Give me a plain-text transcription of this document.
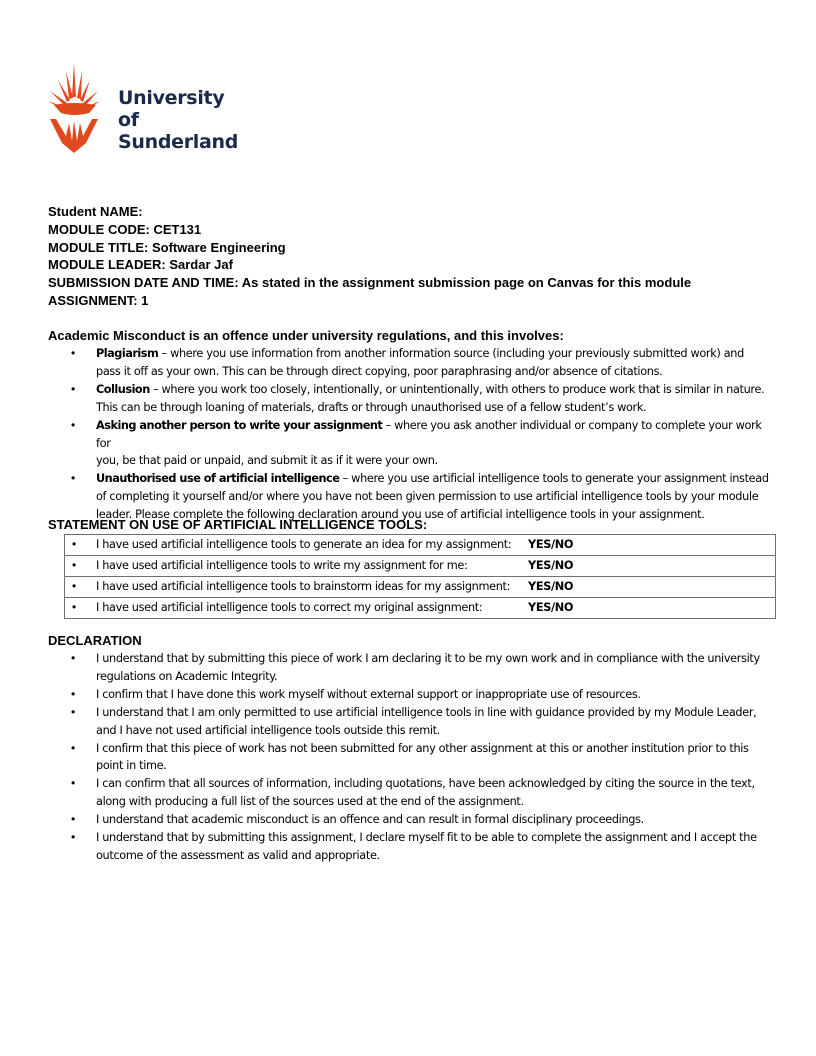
University of
Sunderland
Student NAME:
MODULE CODE: CET131
MODULE TITLE: Software Engineering
MODULE LEADER: Sardar Jaf
SUBMISSION DATE AND TIME: As stated in the assignment submission page on Canvas for this module
ASSIGNMENT: 1
Academic Misconduct is an offence under university regulations, and this involves:
• Plagiarism – where you use information from another information source (including your previously submitted work) and
pass it off as your own. This can be through direct copying, poor paraphrasing and/or absence of citations.
• Collusion – where you work too closely, intentionally, or unintentionally, with others to produce work that is similar in nature.
This can be through loaning of materials, drafts or through unauthorised use of a fellow student’s work.
• Asking another person to write your assignment – where you ask another individual or company to complete your work for
you, be that paid or unpaid, and submit it as if it were your own.
• Unauthorised use of artificial intelligence – where you use artificial intelligence tools to generate your assignment instead
of completing it yourself and/or where you have not been given permission to use artificial intelligence tools by your module
leader. Please complete the following declaration around you use of artificial intelligence tools in your assignment.
STATEMENT ON USE OF ARTIFICIAL INTELLIGENCE TOOLS:
• I have used artificial intelligence tools to generate an idea for my assignment: YES/NO

• I have used artificial intelligence tools to write my assignment for me:	YES/NO

• I have used artificial intelligence tools to brainstorm ideas for my assignment: YES/NO

• I have used artificial intelligence tools to correct my original assignment:	YES/NO
DECLARATION
• I understand that by submitting this piece of work I am declaring it to be my own work and in compliance with the university
regulations on Academic Integrity.
• I confirm that I have done this work myself without external support or inappropriate use of resources.
• I understand that I am only permitted to use artificial intelligence tools in line with guidance provided by my Module Leader,
and I have not used artificial intelligence tools outside this remit.
• I confirm that this piece of work has not been submitted for any other assignment at this or another institution prior to this
point in time.
• I can confirm that all sources of information, including quotations, have been acknowledged by citing the source in the text,
along with producing a full list of the sources used at the end of the assignment.
• I understand that academic misconduct is an offence and can result in formal disciplinary proceedings.
• I understand that by submitting this assignment, I declare myself fit to be able to complete the assignment and I accept the
outcome of the assessment as valid and appropriate.
